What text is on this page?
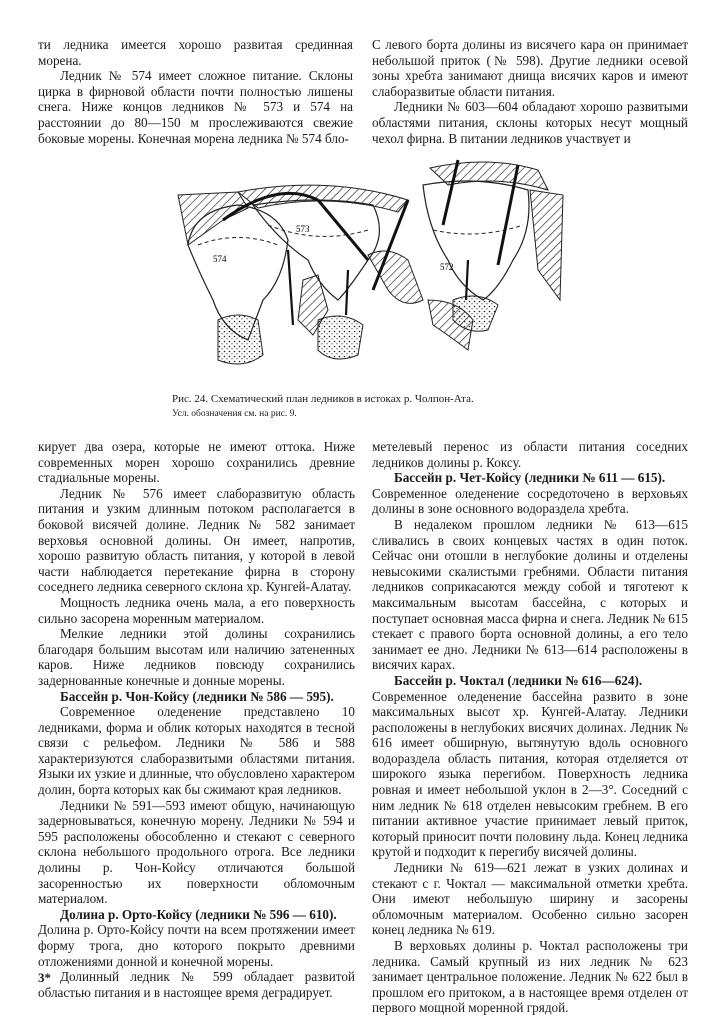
ти ледника имеется хорошо развитая срединная морена.

Ледник № 574 имеет сложное питание. Склоны цирка в фирновой области почти полностью лишены снега. Ниже концов ледников № 573 и 574 на расстоянии до 80—150 м прослеживаются свежие боковые морены. Конечная морена ледника № 574 бло-

С левого борта долины из висячего кара он принимает небольшой приток (№ 598). Другие ледники осевой зоны хребта занимают днища висячих каров и имеют слаборазвитые области питания.

Ледники № 603—604 обладают хорошо развитыми областями питания, склоны которых несут мощный чехол фирна. В питании ледников участвует и

574
573
572
Рис. 24. Схематический план ледников в истоках р. Чолпон-Ата.
Усл. обозначения см. на рис. 9.

кирует два озера, которые не имеют оттока. Ниже современных морен хорошо сохранились древние стадиальные морены.

Ледник № 576 имеет слаборазвитую область питания и узким длинным потоком располагается в боковой висячей долине. Ледник № 582 занимает верховья основной долины. Он имеет, напротив, хорошо развитую область питания, у которой в левой части наблюдается перетекание фирна в сторону соседнего ледника северного склона хр. Кунгей-Алатау.

Мощность ледника очень мала, а его поверхность сильно засорена моренным материалом.

Мелкие ледники этой долины сохранились благодаря большим высотам или наличию затененных каров. Ниже ледников повсюду сохранились задернованные конечные и донные морены.

Бассейн р. Чон-Койсу (ледники № 586 — 595).

Современное оледенение представлено 10 ледниками, форма и облик которых находятся в тесной связи с рельефом. Ледники № 586 и 588 характеризуются слаборазвитыми областями питания. Языки их узкие и длинные, что обусловлено характером долин, борта которых как бы сжимают края ледников.

Ледники № 591—593 имеют общую, начинающую задерновываться, конечную морену. Ледники № 594 и 595 расположены обособленно и стекают с северного склона небольшого продольного отрога. Все ледники долины р. Чон-Койсу отличаются большой засоренностью их поверхности обломочным материалом.

Долина р. Орто-Койсу (ледники № 596 — 610).

Долина р. Орто-Койсу почти на всем протяжении имеет форму трога, дно которого покрыто древними отложениями донной и конечной морены.

Долинный ледник № 599 обладает развитой областью питания и в настоящее время деградирует.

метелевый перенос из области питания соседних ледников долины р. Коксу.

Бассейн р. Чет-Койсу (ледники № 611 — 615).

Современное оледенение сосредоточено в верховьях долины в зоне основного водораздела хребта.

В недалеком прошлом ледники № 613—615 сливались в своих концевых частях в один поток. Сейчас они отошли в неглубокие долины и отделены невысокими скалистыми гребнями. Области питания ледников соприкасаются между собой и тяготеют к максимальным высотам бассейна, с которых и поступает основная масса фирна и снега. Ледник № 615 стекает с правого борта основной долины, а его тело занимает ее дно. Ледники № 613—614 расположены в висячих карах.

Бассейн р. Чоктал (ледники № 616—624).

Современное оледенение бассейна развито в зоне максимальных высот хр. Кунгей-Алатау. Ледники расположены в неглубоких висячих долинах. Ледник № 616 имеет обширную, вытянутую вдоль основного водораздела область питания, которая отделяется от широкого языка перегибом. Поверхность ледника ровная и имеет небольшой уклон в 2—3°. Соседний с ним ледник № 618 отделен невысоким гребнем. В его питании активное участие принимает левый приток, который приносит почти половину льда. Конец ледника крутой и подходит к перегибу висячей долины.

Ледники № 619—621 лежат в узких долинах и стекают с г. Чоктал — максимальной отметки хребта. Они имеют небольшую ширину и засорены обломочным материалом. Особенно сильно засорен конец ледника № 619.

В верховьях долины р. Чоктал расположены три ледника. Самый крупный из них ледник № 623 занимает центральное положение. Ледник № 622 был в прошлом его притоком, а в настоящее время отделен от первого мощной моренной грядой.

3*
